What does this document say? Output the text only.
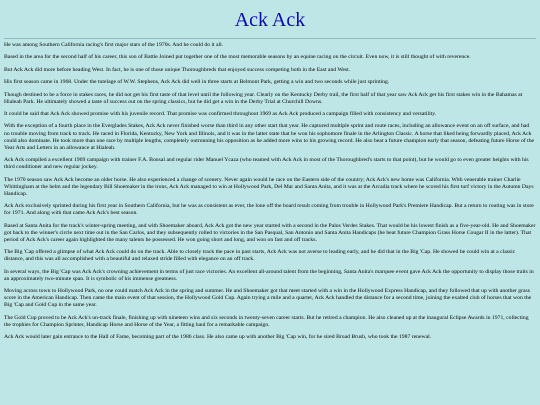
Ack Ack

He was among Southern California racing's first major stars of the 1970s. And he could do it all.

Based in the area for the second half of his career, this son of Battle Joined put together one of the most memorable seasons by an equine racing on the circuit. Even now, it is still thought of with reverence.

But Ack Ack did more before heading West. In fact, he is one of those unique Thoroughbreds that enjoyed success competing both in the East and West.

His first season came in 1968. Under the tutelage of W.W. Stephens, Ack Ack did well in three starts at Belmont Park, getting a win and two seconds while just sprinting.

Though destined to be a force in stakes races, he did not get his first taste of that level until the following year. Clearly on the Kentucky Derby trail, the first half of that year saw Ack Ack get his first stakes win in the Bahamas at Hialeah Park. He ultimately showed a taste of success out on the spring classics, but he did get a win in the Derby Trial at Churchill Downs.

It could be said that Ack Ack showed promise with his juvenile record. That promise was confirmed throughout 1969 as Ack Ack produced a campaign filled with consistency and versatility.

With the exception of a fourth place in the Everglades Stakes, Ack Ack never finished worse than third in any other start that year. He captured multiple sprint and route races, including an allowance event on an off surface, and had no trouble moving from track to track. He raced in Florida, Kentucky, New York and Illinois, and it was in the latter state that he won his sophomore finale in the Arlington Classic. A horse that liked being forwardly placed, Ack Ack could also dominate. He took more than one race by multiple lengths, completely outrunning his opposition as he added more wins to his growing record. He also beat a future champion early that season, defeating future Horse of the Year Arts and Letters in an allowance at Hialeah.

Ack Ack compiled a excellent 1969 campaign with trainer F.A. Bonsal and regular rider Manuel Ycaza (who teamed with Ack Ack in most of the Thoroughbred's starts to that point), but he would go to even greater heights with his third conditioner and new regular jockey.

The 1970 season saw Ack Ack become an older horse. He also experienced a change of scenery. Never again would he race on the Eastern side of the country; Ack Ack's new home was California. With venerable trainer Charlie Whittingham at the helm and the legendary Bill Shoemaker in the irons, Ack Ack managed to win at Hollywood Park, Del Mar and Santa Anita, and it was at the Arcadia track where he scored his first turf victory in the Autumn Days Handicap.

Ack Ack exclusively sprinted during his first year in Southern California, but he was as consistent as ever, the lone off the board result coming from trouble in Hollywood Park's Premiere Handicap. But a return to routing was in store for 1971. And along with that came Ack Ack's best season.

Based at Santa Anita for the track's winter-spring meeting, and with Shoemaker aboard, Ack Ack got the new year started with a second in the Palos Verdes Stakes. That would be his lowest finish as a five-year-old. He and Shoemaker got back to the winner's circle next time out in the San Carlos, and they subsequently rolled to victories in the San Pasqual, San Antonio and Santa Anita Handicaps (he beat future Champion Grass Horse Cougar II in the latter). That period of Ack Ack's career again highlighted the many talents he possessed. He won going short and long, and won on fast and off tracks.

The Big 'Cap offered a glimpse of what Ack Ack could do on the track. Able to closely track the pace in past starts, Ack Ack was not averse to leading early, and he did that in the Big 'Cap. He showed he could win at a classic distance, and this was all accomplished with a beautiful and relaxed stride filled with elegance on an off track.

In several ways, the Big 'Cap was Ack Ack's crowning achievement in terms of just race victories. An excellent all-around talent from the beginning, Santa Anita's marquee event gave Ack Ack the opportunity to display those traits in an approximately two-minute span. It is symbolic of his immense greatness.

Moving across town to Hollywood Park, no one could match Ack Ack in the spring and summer. He and Shoemaker got that meet started with a win in the Hollywood Express Handicap, and they followed that up with another grass score in the American Handicap. Then came the main event of that session, the Hollywood Gold Cup. Again trying a mile and a quarter, Ack Ack handled the distance for a second time, joining the exalted club of horses that won the Big 'Cap and Gold Cup in the same year.

The Gold Cup proved to be Ack Ack's un-track finale, finishing up with nineteen wins and six seconds in twenty-seven career starts. But he retired a champion. He also cleaned up at the inaugural Eclipse Awards in 1971, collecting the trophies for Champion Sprinter, Handicap Horse and Horse of the Year, a fitting haul for a remarkable campaign.

Ack Ack would later gain entrance to the Hall of Fame, becoming part of the 1986 class. He also came up with another Big 'Cap win, for he sired Broad Brush, who took the 1987 renewal.
